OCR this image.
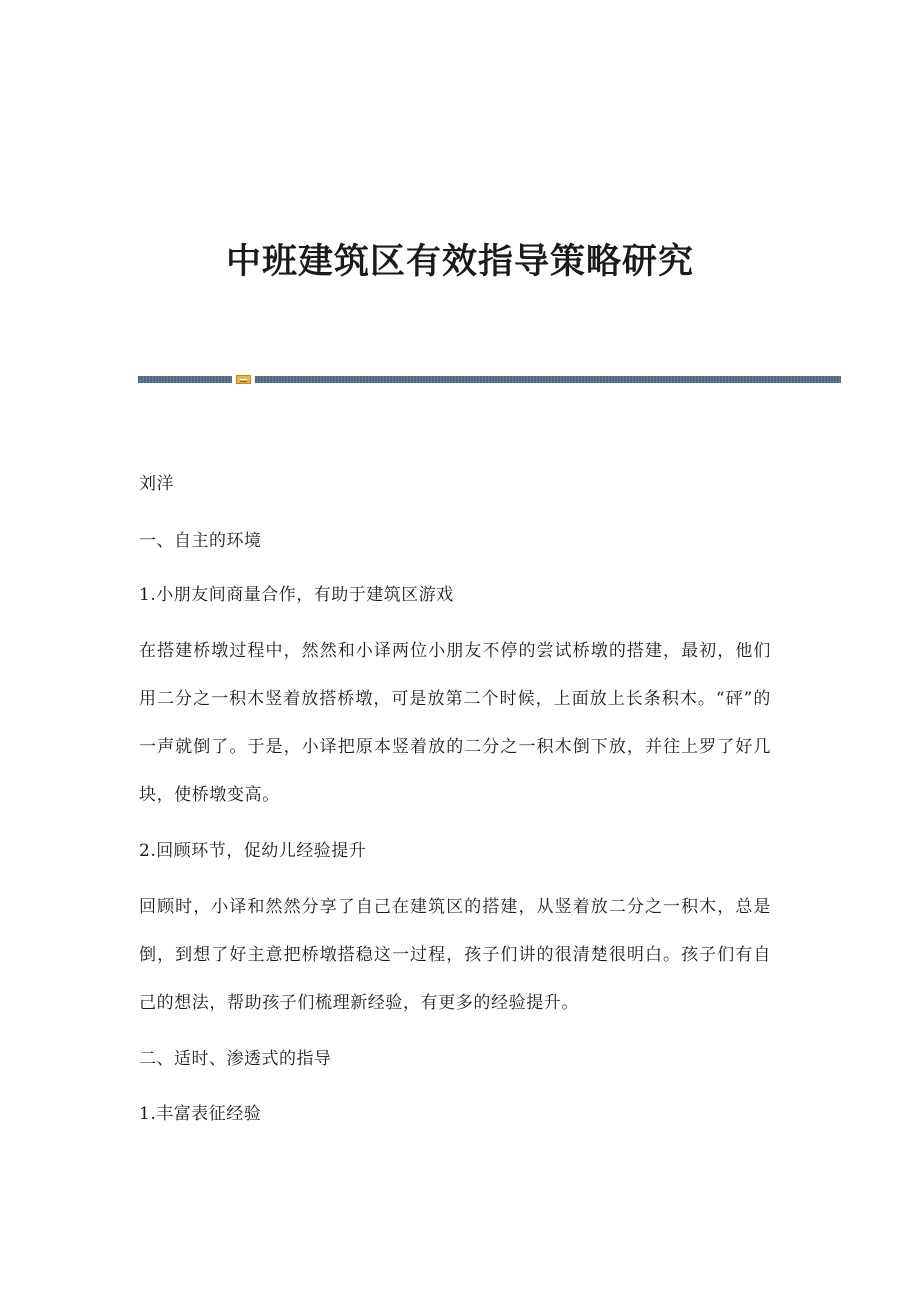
中班建筑区有效指导策略研究

刘洋

一、自主的环境

1.小朋友间商量合作，有助于建筑区游戏

在搭建桥墩过程中，然然和小译两位小朋友不停的尝试桥墩的搭建，最初，他们用二分之一积木竖着放搭桥墩，可是放第二个时候，上面放上长条积木。“砰”的一声就倒了。于是，小译把原本竖着放的二分之一积木倒下放，并往上罗了好几块，使桥墩变高。

2.回顾环节，促幼儿经验提升

回顾时，小译和然然分享了自己在建筑区的搭建，从竖着放二分之一积木，总是倒，到想了好主意把桥墩搭稳这一过程，孩子们讲的很清楚很明白。孩子们有自己的想法，帮助孩子们梳理新经验，有更多的经验提升。

二、适时、渗透式的指导

1.丰富表征经验
